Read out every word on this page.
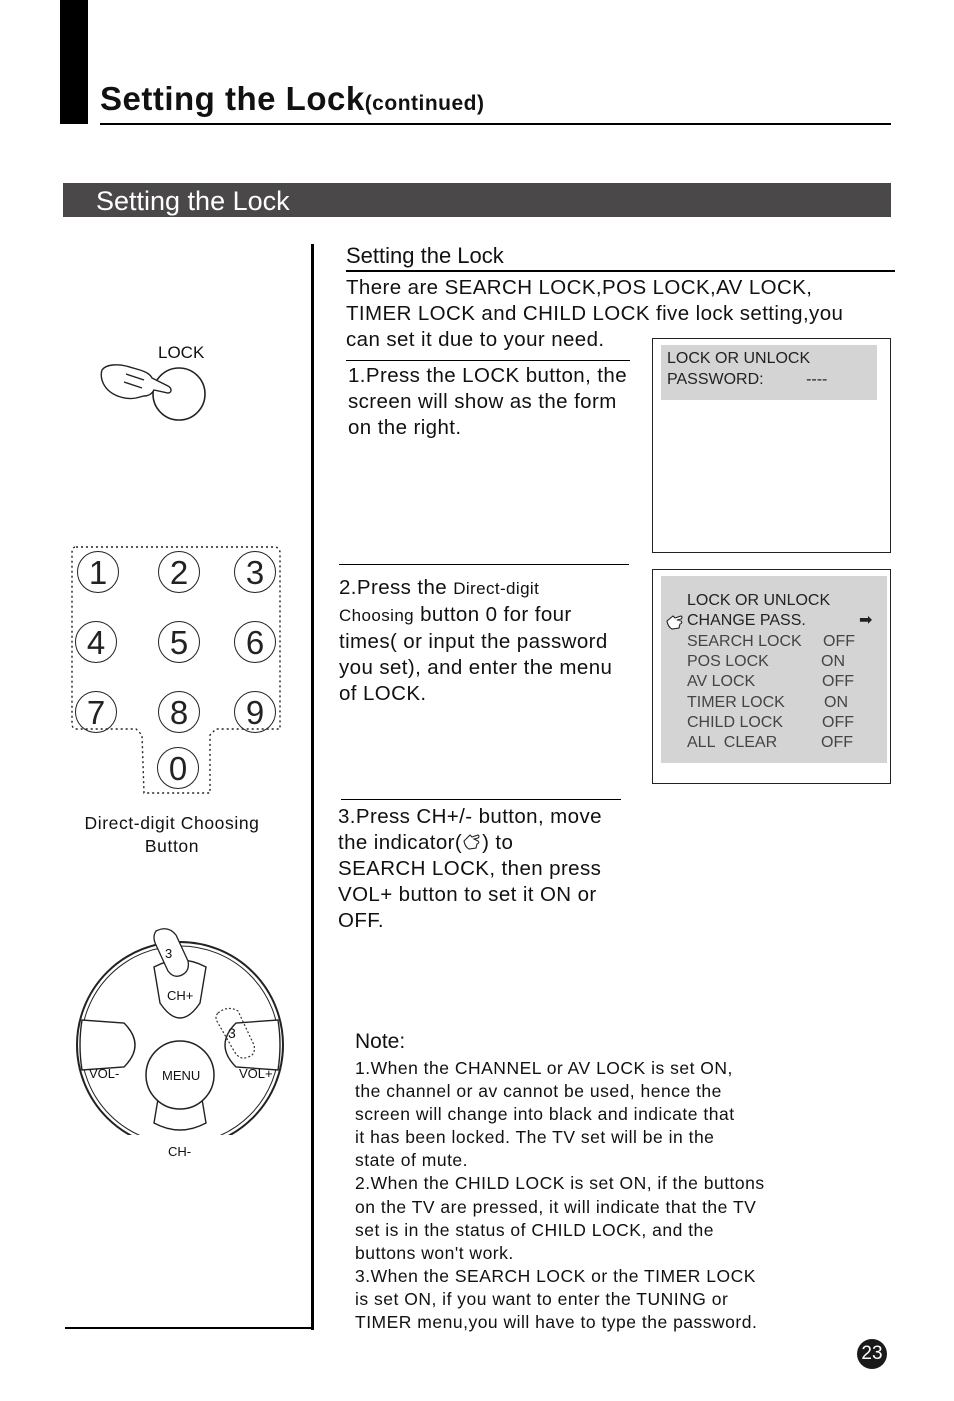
Setting the Lock(continued)
Setting the Lock
LOCK
1	2	3
4	5	6
7	8	9
0
Direct-digit Choosing
Button
3
CH+
3
VOL-	VOL+
MENU
CH-
Setting the Lock
There are SEARCH LOCK,POS LOCK,AV LOCK,
TIMER LOCK and CHILD LOCK five lock setting,you
can set it due to your need.
1.Press the LOCK button, the
screen will show as the form
on the right.
LOCK OR UNLOCK
PASSWORD:	----
2.Press the Direct-digit
Choosing button 0 for four
times( or input the password
you set), and enter the menu
of LOCK.
LOCK OR UNLOCK
CHANGE PASS.	➡
SEARCH LOCK OFF
POS LOCK	ON
AV LOCK	OFF
TIMER LOCK ON
CHILD LOCK OFF
ALL  CLEAR	OFF
3.Press CH+/- button, move
the indicator( ) to
SEARCH LOCK, then press
VOL+ button to set it ON or
OFF.
Note:
1.When the CHANNEL or AV LOCK is set ON,
the channel or av cannot be used, hence the
screen will change into black and indicate that
it has been locked. The TV set will be in the
state of mute.
2.When the CHILD LOCK is set ON, if the buttons
on the TV are pressed, it will indicate that the TV
set is in the status of CHILD LOCK, and the
buttons won't work.
3.When the SEARCH LOCK or the TIMER LOCK
is set ON, if you want to enter the TUNING or
TIMER menu,you will have to type the password.
23
